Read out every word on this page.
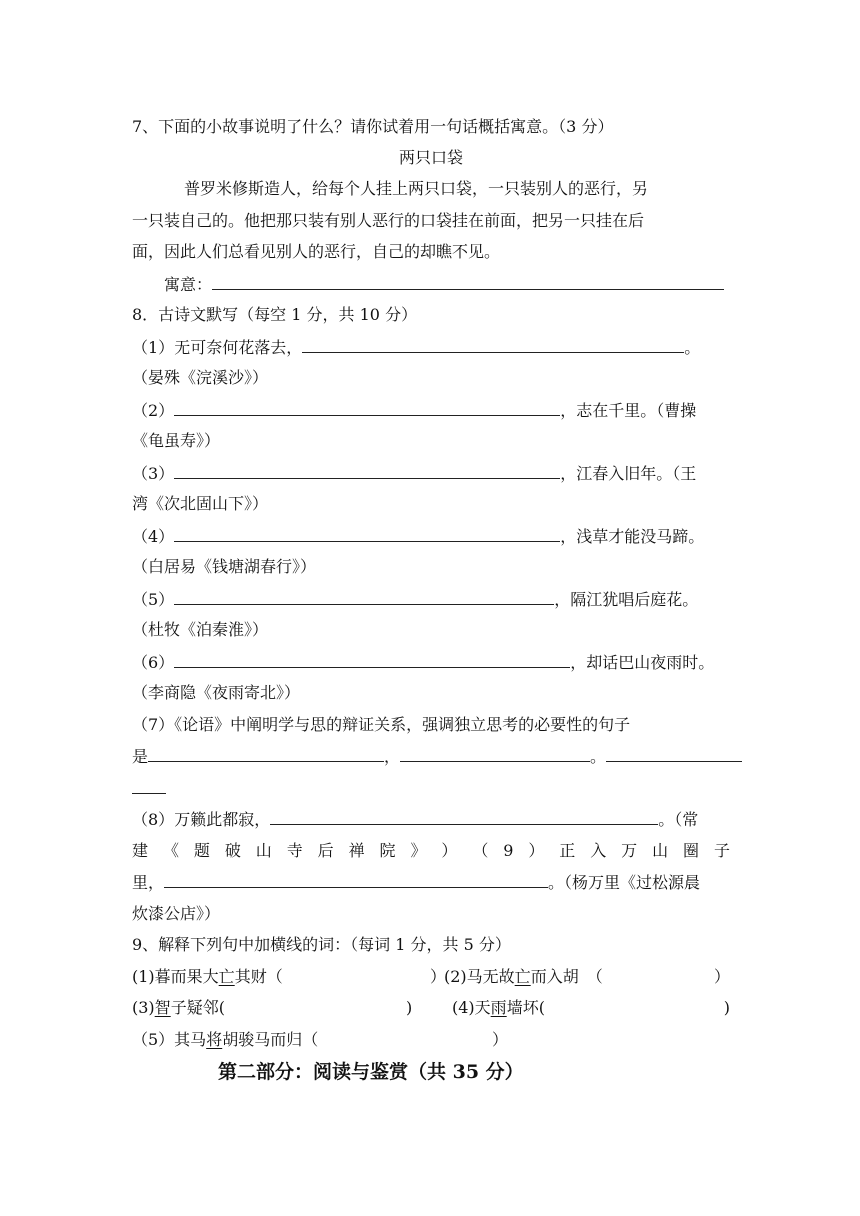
7、下面的小故事说明了什么？请你试着用一句话概括寓意。（3 分）
两只口袋
普罗米修斯造人，给每个人挂上两只口袋，一只装别人的恶行，另
一只装自己的。他把那只装有别人恶行的口袋挂在前面，把另一只挂在后
面，因此人们总看见别人的恶行，自己的却瞧不见。
寓意：
8．古诗文默写（每空 1 分，共 10 分）
（1）无可奈何花落去，	。
（晏殊《浣溪沙》）
（2）	，志在千里。（曹操
《龟虽寿》）
（3）	，江春入旧年。（王
湾《次北固山下》）
（4）	，浅草才能没马蹄。
（白居易《钱塘湖春行》）
（5）	，隔江犹唱后庭花。
（杜牧《泊秦淮》）
（6）	，却话巴山夜雨时。
（李商隐《夜雨寄北》）
（7）《论语》中阐明学与思的辩证关系，强调独立思考的必要性的句子
是	，	。
（8）万籁此都寂，	。（常
建 《 题 破 山 寺 后 禅 院 》 ） （ 9 ） 正 入 万 山 圈 子
里，	。（杨万里《过松源晨
炊漆公店》）
9、解释下列句中加横线的词：（每词 1 分，共 5 分）
(1)暮而果大亡其财（	）
(2)马无故亡而入胡　（	）
(3)智子疑邻(	) (4)天雨墙坏(	)
（5）其马将胡骏马而归（	）
第二部分：阅读与鉴赏（共 35 分）
